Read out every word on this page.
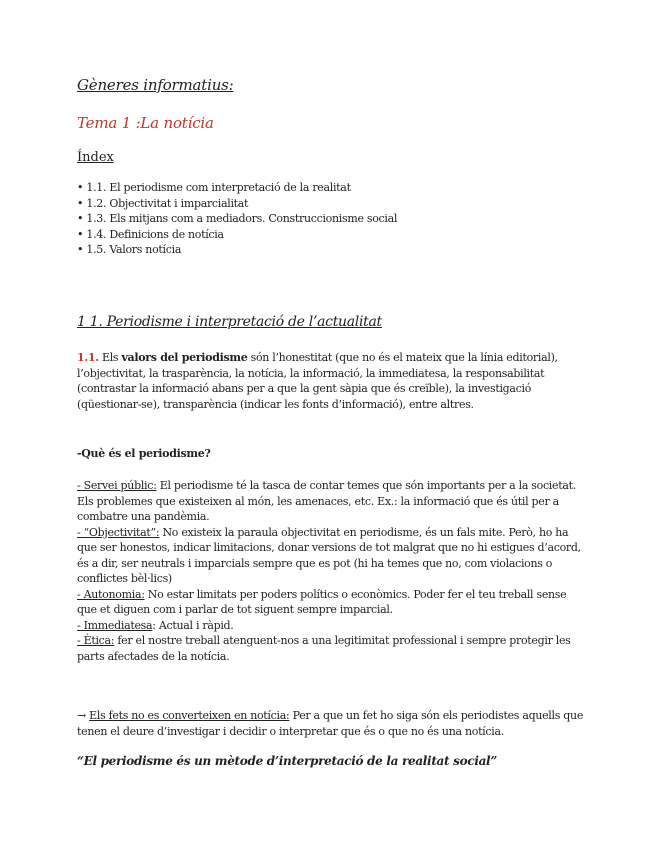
Gèneres informatius:
Tema 1 :La notícia
Índex
• 1.1. El periodisme com interpretació de la realitat
• 1.2. Objectivitat i imparcialitat
• 1.3. Els mitjans com a mediadors. Construccionisme social
• 1.4. Definicions de notícia
• 1.5. Valors notícia
1 1. Periodisme i interpretació de l’actualitat
1.1. Els valors del periodisme són l’honestitat (que no és el mateix que la línia editorial),
l’objectivitat, la trasparència, la notícia, la informació, la immediatesa, la responsabilitat
(contrastar la informació abans per a que la gent sàpia que és creïble), la investigació
(qüestionar-se), transparència (indicar les fonts d’informació), entre altres.
-Què és el periodisme?
- Servei públic: El periodisme té la tasca de contar temes que són importants per a la societat.
Els problemes que existeixen al món, les amenaces, etc. Ex.: la informació que és útil per a
combatre una pandèmia.
- “Objectivitat”: No existeix la paraula objectivitat en periodisme, és un fals mite. Però, ho ha
que ser honestos, indicar limitacions, donar versions de tot malgrat que no hi estigues d’acord,
és a dir, ser neutrals i imparcials sempre que es pot (hi ha temes que no, com violacions o
conflictes bèl·lics)
- Autonomia: No estar limitats per poders polítics o econòmics. Poder fer el teu treball sense
que et diguen com i parlar de tot siguent sempre imparcial.
- Immediatesa: Actual i ràpid.
- Ètica: fer el nostre treball atenguent-nos a una legitimitat professional i sempre protegir les
parts afectades de la notícia.
→ Els fets no es converteixen en notícia: Per a que un fet ho siga són els periodistes aquells que
tenen el deure d’investigar i decidir o interpretar que és o que no és una notícia.
“El periodisme és un mètode d’interpretació de la realitat social”
